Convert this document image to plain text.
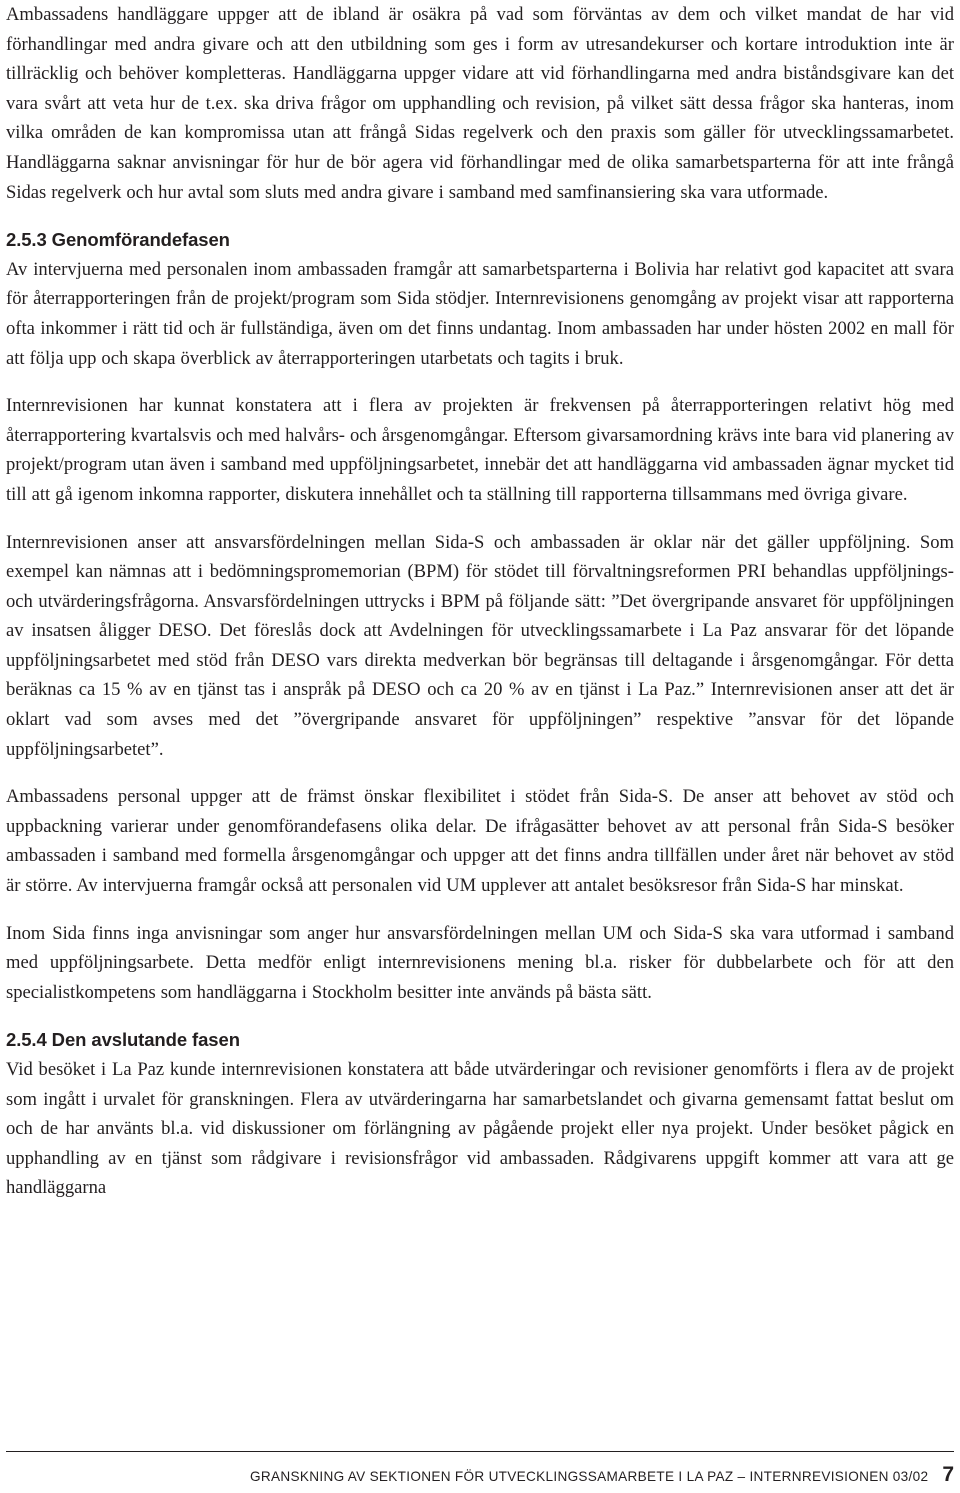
Ambassadens handläggare uppger att de ibland är osäkra på vad som förväntas av dem och vilket mandat de har vid förhandlingar med andra givare och att den utbildning som ges i form av utresandekurser och kortare introduktion inte är tillräcklig och behöver kompletteras. Handläggarna uppger vidare att vid förhandlingarna med andra biståndsgivare kan det vara svårt att veta hur de t.ex. ska driva frågor om upphandling och revision, på vilket sätt dessa frågor ska hanteras, inom vilka områden de kan kompromissa utan att frångå Sidas regelverk och den praxis som gäller för utvecklingssamarbetet. Handläggarna saknar anvisningar för hur de bör agera vid förhandlingar med de olika samarbetsparterna för att inte frångå Sidas regelverk och hur avtal som sluts med andra givare i samband med samfinansiering ska vara utformade.

2.5.3 Genomförandefasen

Av intervjuerna med personalen inom ambassaden framgår att samarbetsparterna i Bolivia har relativt god kapacitet att svara för återrapporteringen från de projekt/program som Sida stödjer. Internrevisionens genomgång av projekt visar att rapporterna ofta inkommer i rätt tid och är fullständiga, även om det finns undantag. Inom ambassaden har under hösten 2002 en mall för att följa upp och skapa överblick av återrapporteringen utarbetats och tagits i bruk.

Internrevisionen har kunnat konstatera att i flera av projekten är frekvensen på återrapporteringen relativt hög med återrapportering kvartalsvis och med halvårs- och årsgenomgångar. Eftersom givarsamordning krävs inte bara vid planering av projekt/program utan även i samband med uppföljningsarbetet, innebär det att handläggarna vid ambassaden ägnar mycket tid till att gå igenom inkomna rapporter, diskutera innehållet och ta ställning till rapporterna tillsammans med övriga givare.

Internrevisionen anser att ansvarsfördelningen mellan Sida-S och ambassaden är oklar när det gäller uppföljning. Som exempel kan nämnas att i bedömningspromemorian (BPM) för stödet till förvaltningsreformen PRI behandlas uppföljnings- och utvärderingsfrågorna. Ansvarsfördelningen uttrycks i BPM på följande sätt: ”Det övergripande ansvaret för uppföljningen av insatsen åligger DESO. Det föreslås dock att Avdelningen för utvecklingssamarbete i La Paz ansvarar för det löpande uppföljningsarbetet med stöd från DESO vars direkta medverkan bör begränsas till deltagande i årsgenomgångar. För detta beräknas ca 15 % av en tjänst tas i anspråk på DESO och ca 20 % av en tjänst i La Paz.” Internrevisionen anser att det är oklart vad som avses med det ”övergripande ansvaret för uppföljningen” respektive ”ansvar för det löpande uppföljningsarbetet”.

Ambassadens personal uppger att de främst önskar flexibilitet i stödet från Sida-S. De anser att behovet av stöd och uppbackning varierar under genomförandefasens olika delar. De ifrågasätter behovet av att personal från Sida-S besöker ambassaden i samband med formella årsgenomgångar och uppger att det finns andra tillfällen under året när behovet av stöd är större. Av intervjuerna framgår också att personalen vid UM upplever att antalet besöksresor från Sida-S har minskat.

Inom Sida finns inga anvisningar som anger hur ansvarsfördelningen mellan UM och Sida-S ska vara utformad i samband med uppföljningsarbete. Detta medför enligt internrevisionens mening bl.a. risker för dubbelarbete och för att den specialistkompetens som handläggarna i Stockholm besitter inte används på bästa sätt.

2.5.4 Den avslutande fasen

Vid besöket i La Paz kunde internrevisionen konstatera att både utvärderingar och revisioner genomförts i flera av de projekt som ingått i urvalet för granskningen. Flera av utvärderingarna har samarbetslandet och givarna gemensamt fattat beslut om och de har använts bl.a. vid diskussioner om förlängning av pågående projekt eller nya projekt. Under besöket pågick en upphandling av en tjänst som rådgivare i revisionsfrågor vid ambassaden. Rådgivarens uppgift kommer att vara att ge handläggarna

GRANSKNING AV SEKTIONEN FÖR UTVECKLINGSSAMARBETE I LA PAZ – INTERNREVISIONEN 03/02 7
